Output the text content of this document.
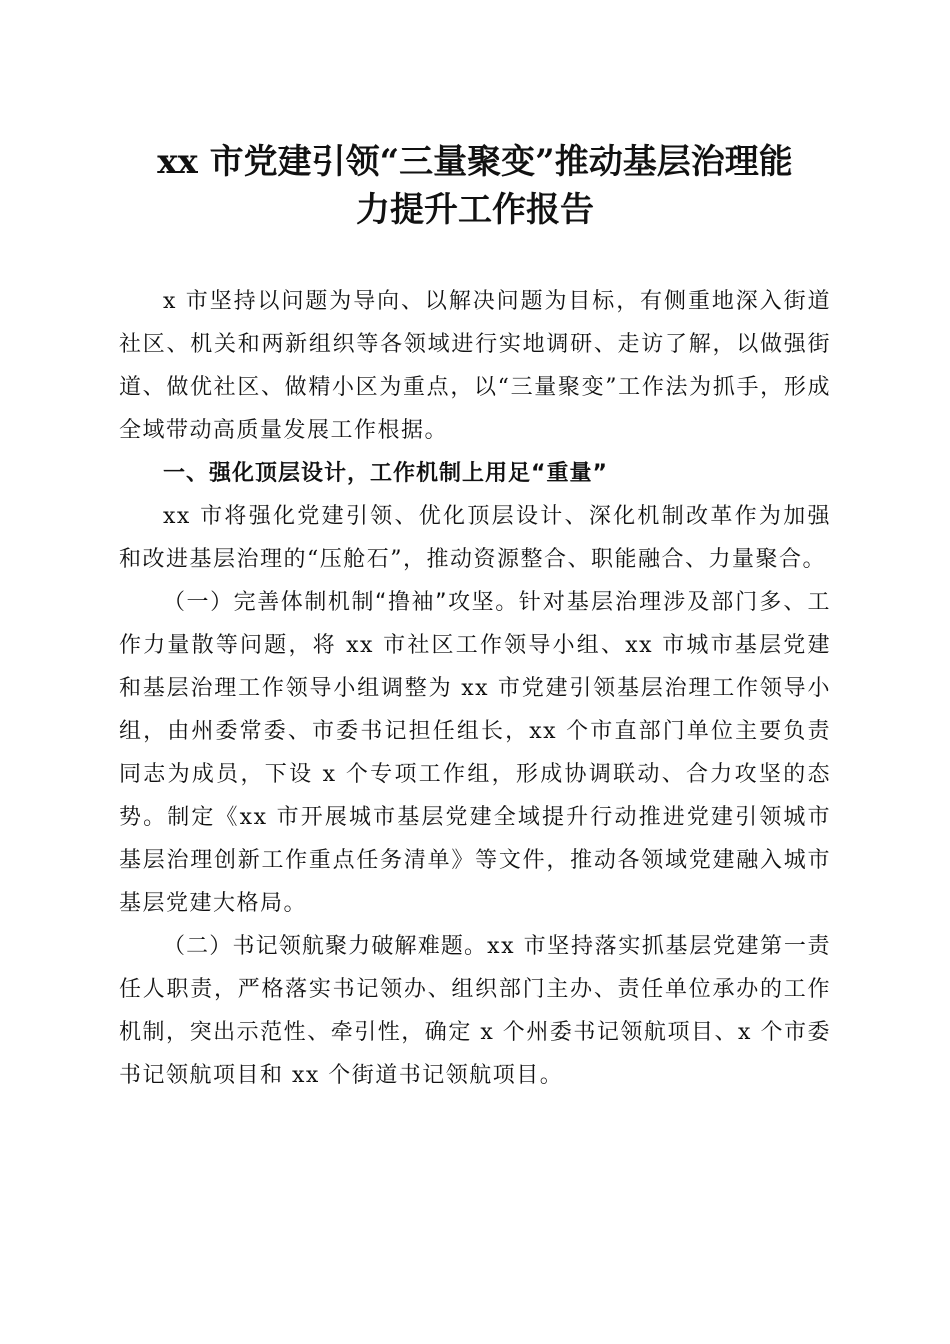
xx 市党建引领“三量聚变”推动基层治理能
力提升工作报告

x 市坚持以问题为导向、以解决问题为目标，有侧重地深入街道社区、机关和两新组织等各领域进行实地调研、走访了解，以做强街道、做优社区、做精小区为重点，以“三量聚变”工作法为抓手，形成全域带动高质量发展工作根据。

一、强化顶层设计，工作机制上用足“重量”

xx 市将强化党建引领、优化顶层设计、深化机制改革作为加强和改进基层治理的“压舱石”，推动资源整合、职能融合、力量聚合。

（一）完善体制机制“撸袖”攻坚。针对基层治理涉及部门多、工作力量散等问题，将 xx 市社区工作领导小组、xx 市城市基层党建和基层治理工作领导小组调整为 xx 市党建引领基层治理工作领导小组，由州委常委、市委书记担任组长，xx 个市直部门单位主要负责同志为成员，下设 x 个专项工作组，形成协调联动、合力攻坚的态势。制定《xx 市开展城市基层党建全域提升行动推进党建引领城市基层治理创新工作重点任务清单》等文件，推动各领域党建融入城市基层党建大格局。

（二）书记领航聚力破解难题。xx 市坚持落实抓基层党建第一责任人职责，严格落实书记领办、组织部门主办、责任单位承办的工作机制，突出示范性、牵引性，确定 x 个州委书记领航项目、x 个市委书记领航项目和 xx 个街道书记领航项目。
